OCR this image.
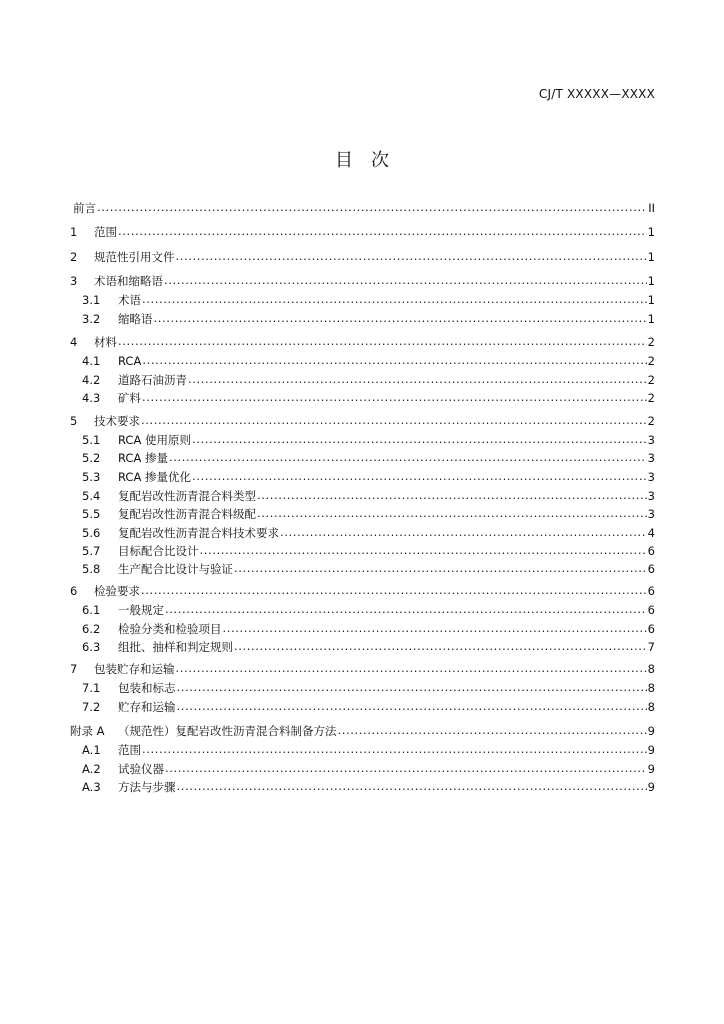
CJ/T XXXXX—XXXX
目　次
前言 .....	II
1	范围 .....	1
2	规范性引用文件 .....	1
3	术语和缩略语 .....	1
3.1	术语 .....	1
3.2	缩略语 .....	1
4	材料 .....	2
4.1	RCA .....	2
4.2	道路石油沥青 .....	2
4.3	矿料 .....	2
5	技术要求 .....	2
5.1	RCA 使用原则 .....	3
5.2	RCA 掺量 .....	3
5.3	RCA 掺量优化 .....	3
5.4	复配岩改性沥青混合料类型 .....	3
5.5	复配岩改性沥青混合料级配 .....	3
5.6	复配岩改性沥青混合料技术要求 .....	4
5.7	目标配合比设计 .....	6
5.8	生产配合比设计与验证 .....	6
6	检验要求 .....	6
6.1	一般规定 .....	6
6.2	检验分类和检验项目 .....	6
6.3	组批、抽样和判定规则 .....	7
7	包装贮存和运输 .....	8
7.1	包装和标志 .....	8
7.2	贮存和运输 .....	8
附录 A	（规范性）复配岩改性沥青混合料制备方法 .....	9
A.1	范围 .....	9
A.2	试验仪器 .....	9
A.3	方法与步骤 .....	9
